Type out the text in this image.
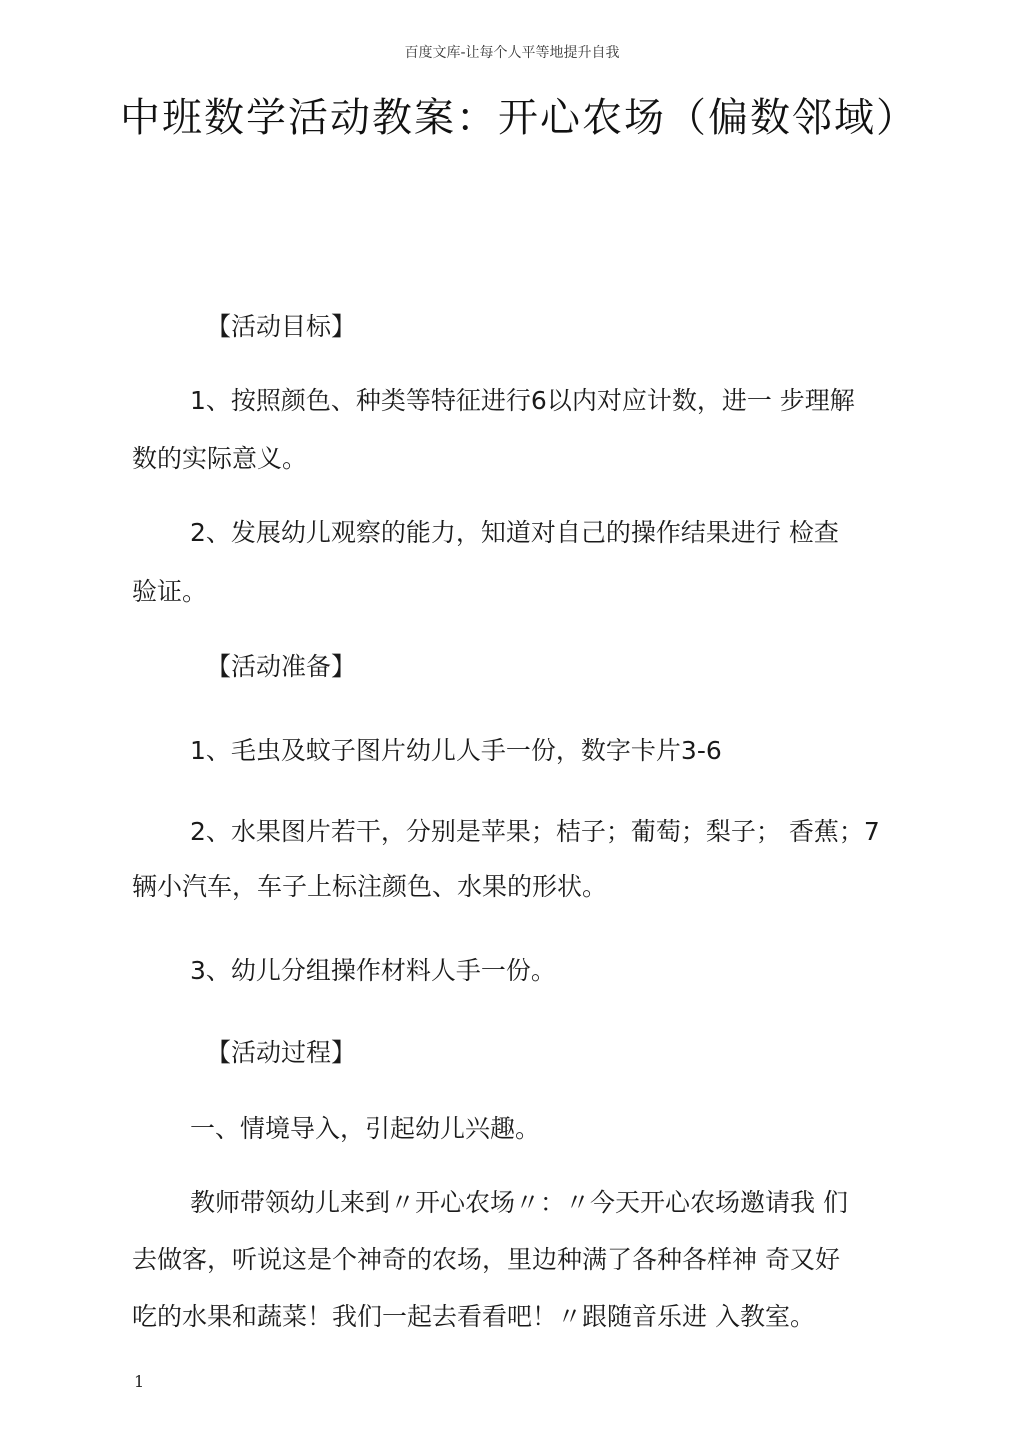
百度文库-让每个人平等地提升自我
中班数学活动教案：开心农场（偏数邻域）
【活动目标】
1、按照颜色、种类等特征进行6以内对应计数，进一 步理解
数的实际意义。
2、发展幼儿观察的能力，知道对自己的操作结果进行 检查
验证。
【活动准备】
1、毛虫及蚊子图片幼儿人手一份，数字卡片3-6
2、水果图片若干，分别是苹果；桔子；葡萄；梨子； 香蕉；7
辆小汽车，车子上标注颜色、水果的形状。
3、幼儿分组操作材料人手一份。
【活动过程】
一、情境导入，引起幼儿兴趣。
教师带领幼儿来到〃开心农场〃：〃今天开心农场邀请我 们
去做客，听说这是个神奇的农场，里边种满了各种各样神 奇又好
吃的水果和蔬菜！我们一起去看看吧！〃跟随音乐进 入教室。
1
